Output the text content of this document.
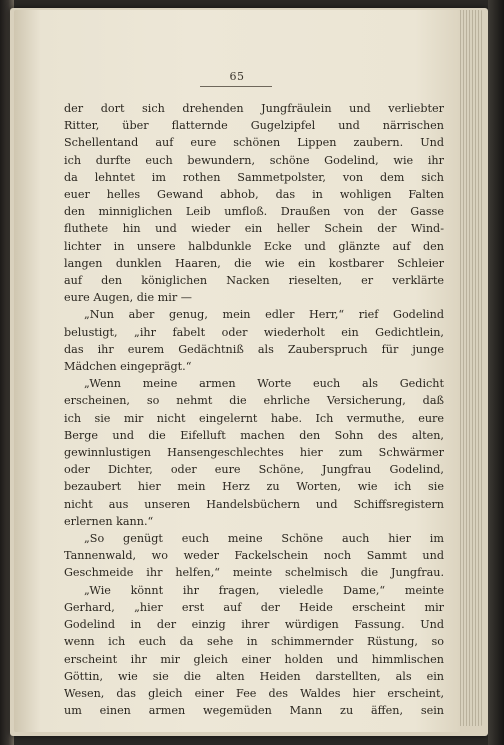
65
der dort sich drehenden Jungfräulein und verliebter
Ritter, über flatternde Gugelzipfel und närrischen
Schellentand auf eure schönen Lippen zaubern. Und
ich durfte euch bewundern, schöne Godelind, wie ihr
da lehntet im rothen Sammetpolster, von dem sich
euer helles Gewand abhob, das in wohligen Falten
den minniglichen Leib umfloß. Draußen von der Gasse
fluthete hin und wieder ein heller Schein der Wind-
lichter in unsere halbdunkle Ecke und glänzte auf den
langen dunklen Haaren, die wie ein kostbarer Schleier
auf den königlichen Nacken rieselten, er verklärte
eure Augen, die mir —
„Nun aber genug, mein edler Herr,“ rief Godelind
belustigt, „ihr fabelt oder wiederholt ein Gedichtlein,
das ihr eurem Gedächtniß als Zauberspruch für junge
Mädchen eingeprägt.“
„Wenn meine armen Worte euch als Gedicht
erscheinen, so nehmt die ehrliche Versicherung, daß
ich sie mir nicht eingelernt habe. Ich vermuthe, eure
Berge und die Eifelluft machen den Sohn des alten,
gewinnlustigen Hansengeschlechtes hier zum Schwärmer
oder Dichter, oder eure Schöne, Jungfrau Godelind,
bezaubert hier mein Herz zu Worten, wie ich sie
nicht aus unseren Handelsbüchern und Schiffsregistern
erlernen kann.“
„So genügt euch meine Schöne auch hier im
Tannenwald, wo weder Fackelschein noch Sammt und
Geschmeide ihr helfen,“ meinte schelmisch die Jungfrau.
„Wie könnt ihr fragen, vieledle Dame,“ meinte
Gerhard, „hier erst auf der Heide erscheint mir
Godelind in der einzig ihrer würdigen Fassung. Und
wenn ich euch da sehe in schimmernder Rüstung, so
erscheint ihr mir gleich einer holden und himmlischen
Göttin, wie sie die alten Heiden darstellten, als ein
Wesen, das gleich einer Fee des Waldes hier erscheint,
um einen armen wegemüden Mann zu äffen, sein
